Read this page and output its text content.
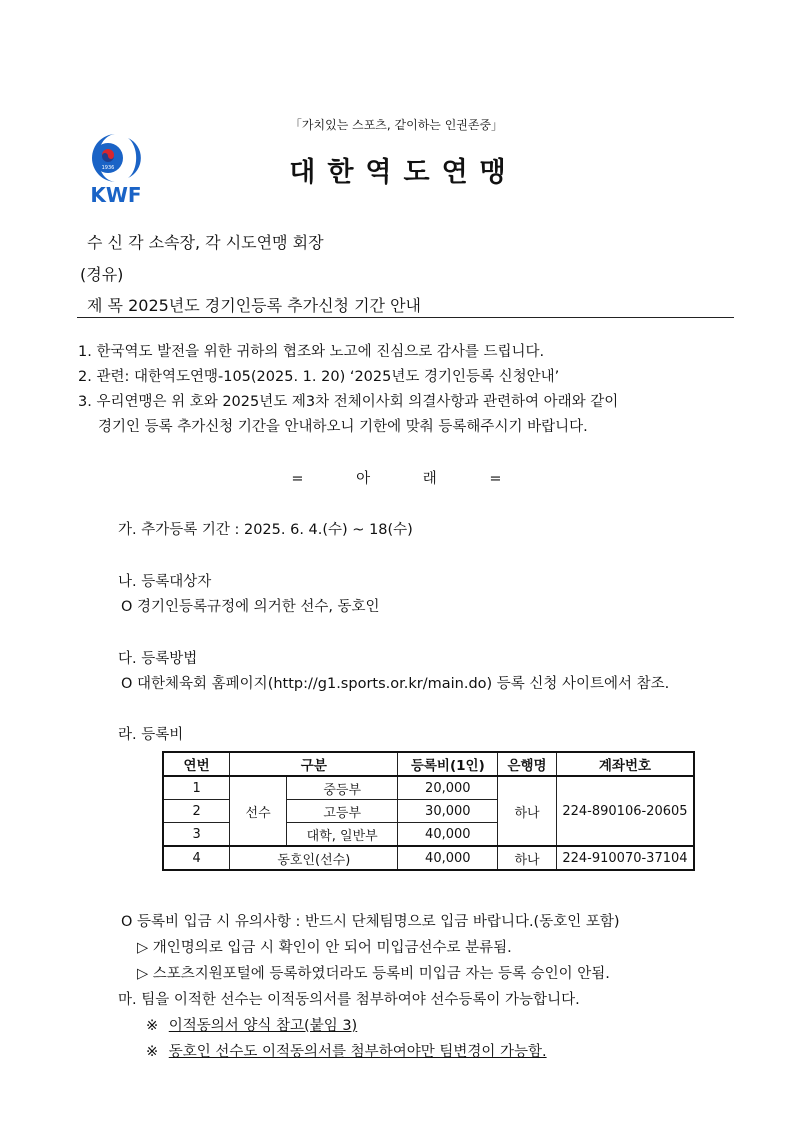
「가치있는 스포츠, 같이하는 인권존중」
1936
KWF
대한역도연맹
수 신 각 소속장, 각 시도연맹 회장
(경유)
제 목 2025년도 경기인등록 추가신청 기간 안내
1. 한국역도 발전을 위한 귀하의 협조와 노고에 진심으로 감사를 드립니다.
2. 관련: 대한역도연맹-105(2025. 1. 20) ‘2025년도 경기인등록 신청안내’
3. 우리연맹은 위 호와 2025년도 제3차 전체이사회 의결사항과 관련하여 아래와 같이
경기인 등록 추가신청 기간을 안내하오니 기한에 맞춰 등록해주시기 바랍니다.
=	아	래	=
가. 추가등록 기간 : 2025. 6. 4.(수) ~ 18(수)
나. 등록대상자
O 경기인등록규정에 의거한 선수, 동호인
다. 등록방법
O 대한체육회 홈페이지(http://g1.sports.or.kr/main.do) 등록 신청 사이트에서 참조.
라. 등록비
연번	구분		등록비(1인)	은행명	계좌번호
1	선수	중등부	20,000	하나	224-890106-20605
2		고등부	30,000		
3		대학, 일반부	40,000		
4	동호인(선수)		40,000	하나	224-910070-37104
O 등록비 입금 시 유의사항 : 반드시 단체팀명으로 입금 바랍니다.(동호인 포함)
▷ 개인명의로 입금 시 확인이 안 되어 미입금선수로 분류됨.
▷ 스포츠지원포털에 등록하였더라도 등록비 미입금 자는 등록 승인이 안됨.
마. 팀을 이적한 선수는 이적동의서를 첨부하여야 선수등록이 가능합니다.
※ 이적동의서 양식 참고(붙임 3)
※ 동호인 선수도 이적동의서를 첨부하여야만 팀변경이 가능함.
